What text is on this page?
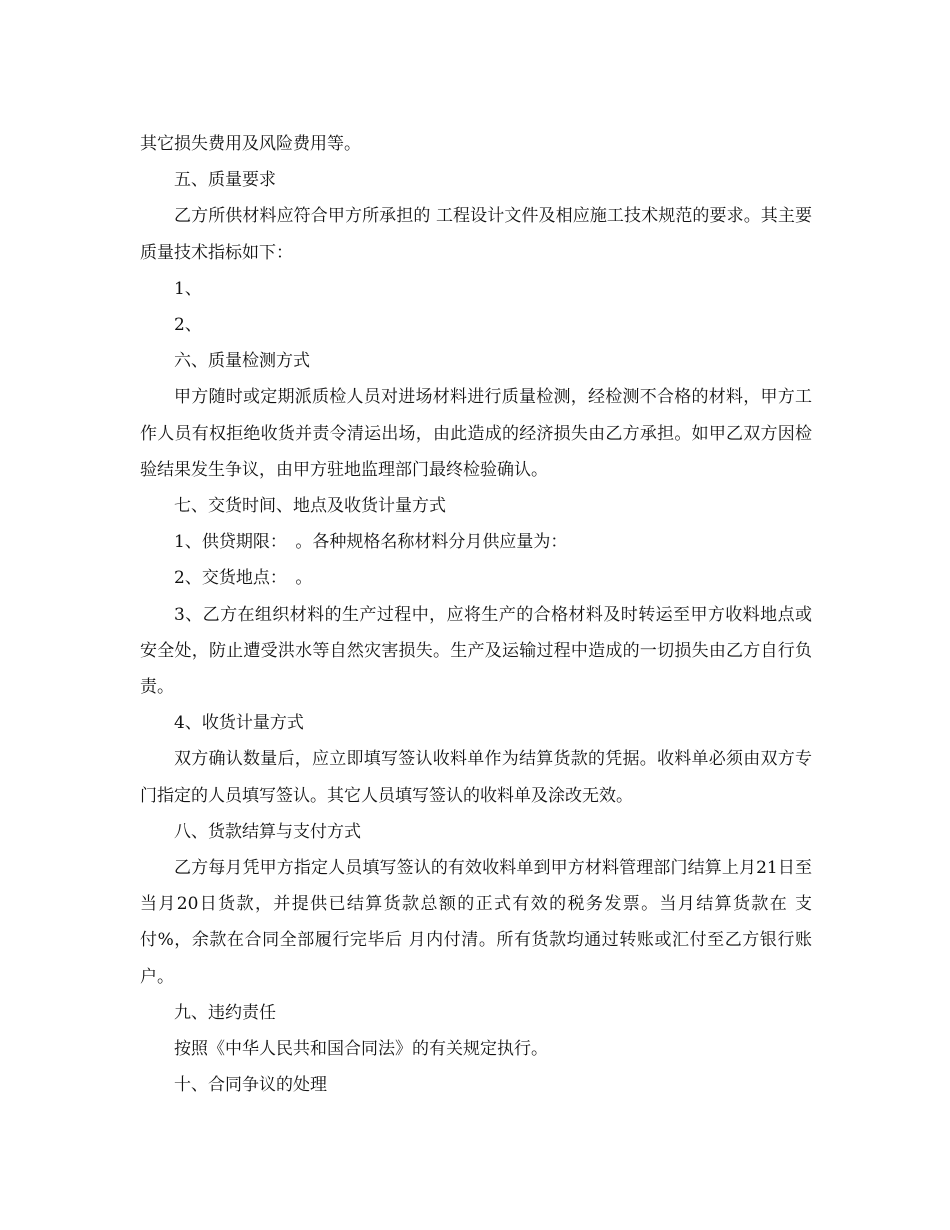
其它损失费用及风险费用等。

五、质量要求

乙方所供材料应符合甲方所承担的 工程设计文件及相应施工技术规范的要求。其主要质量技术指标如下：

1、

2、

六、质量检测方式

甲方随时或定期派质检人员对进场材料进行质量检测，经检测不合格的材料，甲方工作人员有权拒绝收货并责令清运出场，由此造成的经济损失由乙方承担。如甲乙双方因检验结果发生争议，由甲方驻地监理部门最终检验确认。

七、交货时间、地点及收货计量方式

1、供贷期限：　。各种规格名称材料分月供应量为：

2、交货地点：　。

3、乙方在组织材料的生产过程中，应将生产的合格材料及时转运至甲方收料地点或安全处，防止遭受洪水等自然灾害损失。生产及运输过程中造成的一切损失由乙方自行负责。

4、收货计量方式

双方确认数量后，应立即填写签认收料单作为结算货款的凭据。收料单必须由双方专门指定的人员填写签认。其它人员填写签认的收料单及涂改无效。

八、货款结算与支付方式

乙方每月凭甲方指定人员填写签认的有效收料单到甲方材料管理部门结算上月21日至当月20日货款，并提供已结算货款总额的正式有效的税务发票。当月结算货款在 支付%，余款在合同全部履行完毕后 月内付清。所有货款均通过转账或汇付至乙方银行账户。

九、违约责任

按照《中华人民共和国合同法》的有关规定执行。

十、合同争议的处理
